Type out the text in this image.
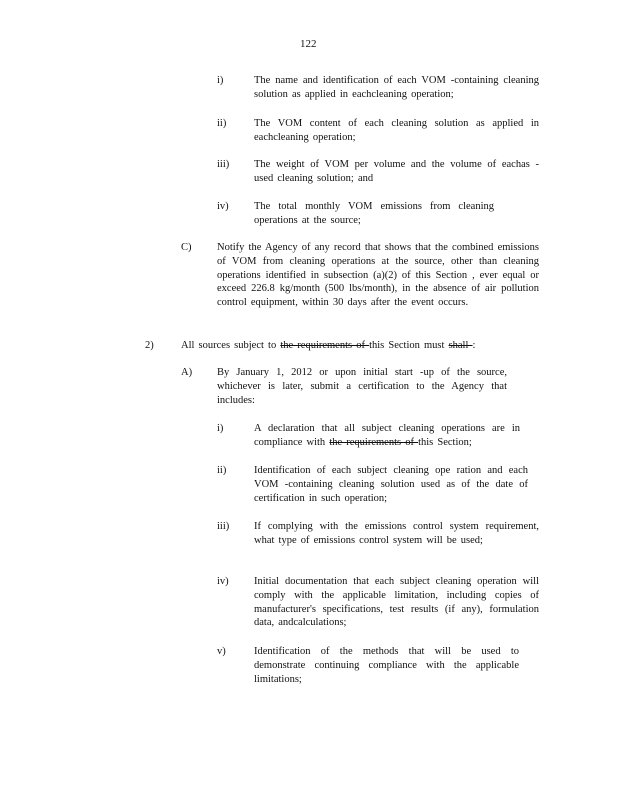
122
i)	The name and identification of each VOM -containing cleaning solution as applied in eachcleaning operation;
ii)	The VOM content of each cleaning solution as applied in eachcleaning operation;
iii) The weight of VOM per volume and the volume of eachas -used cleaning solution; and
iv) The total monthly VOM emissions from cleaning operations at the source;
C) Notify the Agency of any record that shows that the combined emissions of VOM from cleaning operations at the source, other than cleaning operations identified in subsection (a)(2) of this Section , ever equal or exceed 226.8 kg/month (500 lbs/month), in the absence of air pollution control equipment, within 30 days after the event occurs.
2)	All sources subject to the requirements of this Section must shall :
A) By January 1, 2012 or upon initial start -up of the source, whichever is later, submit a certification to the Agency that includes:
i)	A declaration that all subject cleaning operations are in compliance with the requirements of this Section;
ii)	Identification of each subject cleaning ope ration and each VOM -containing cleaning solution used as of the date of certification in such operation;
iii) If complying with the emissions control system requirement, what type of emissions control system will be used;
iv) Initial documentation that each subject cleaning operation will comply with the applicable limitation, including copies of manufacturer's specifications, test results (if any), formulation data, andcalculations;
v)	Identification of the methods that will be used to demonstrate continuing compliance with the applicable limitations;
